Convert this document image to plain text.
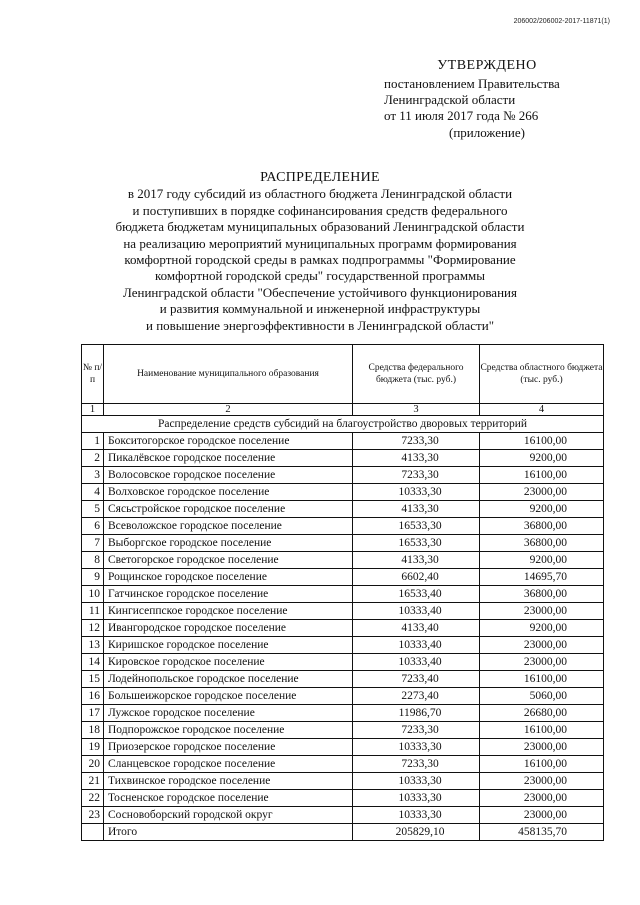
206002/206002-2017-11871(1)
УТВЕРЖДЕНО
постановлением Правительства
Ленинградской области
от 11 июля 2017 года № 266
(приложение)
РАСПРЕДЕЛЕНИЕ
в 2017 году субсидий из областного бюджета Ленинградской области
и поступивших в порядке софинансирования средств федерального
бюджета бюджетам муниципальных образований Ленинградской области
на реализацию мероприятий муниципальных программ формирования
комфортной городской среды в рамках подпрограммы "Формирование
комфортной городской среды" государственной программы
Ленинградской области "Обеспечение устойчивого функционирования
и развития коммунальной и инженерной инфраструктуры
и повышение энергоэффективности в Ленинградской области"
№ п/п	Наименование муниципального образования	Средства федерального бюджета (тыс. руб.)	Средства областного бюджета (тыс. руб.)
1	2	3	4
Распределение средств субсидий на благоустройство дворовых территорий			
1	Бокситогорское городское поселение	7233,30	16100,00
2	Пикалёвское городское поселение	4133,30	9200,00
3	Волосовское городское поселение	7233,30	16100,00
4	Волховское городское поселение	10333,30	23000,00
5	Сясьстройское городское поселение	4133,30	9200,00
6	Всеволожское городское поселение	16533,30	36800,00
7	Выборгское городское поселение	16533,30	36800,00
8	Светогорское городское поселение	4133,30	9200,00
9	Рощинское городское поселение	6602,40	14695,70
10	Гатчинское городское поселение	16533,40	36800,00
11	Кингисеппское городское поселение	10333,40	23000,00
12	Ивангородское городское поселение	4133,40	9200,00
13	Киришское городское поселение	10333,40	23000,00
14	Кировское городское поселение	10333,40	23000,00
15	Лодейнопольское городское поселение	7233,40	16100,00
16	Большеижорское городское поселение	2273,40	5060,00
17	Лужское городское поселение	11986,70	26680,00
18	Подпорожское городское поселение	7233,30	16100,00
19	Приозерское городское поселение	10333,30	23000,00
20	Сланцевское городское поселение	7233,30	16100,00
21	Тихвинское городское поселение	10333,30	23000,00
22	Тосненское городское поселение	10333,30	23000,00
23	Сосновоборский городской округ	10333,30	23000,00
	Итого	205829,10	458135,70
